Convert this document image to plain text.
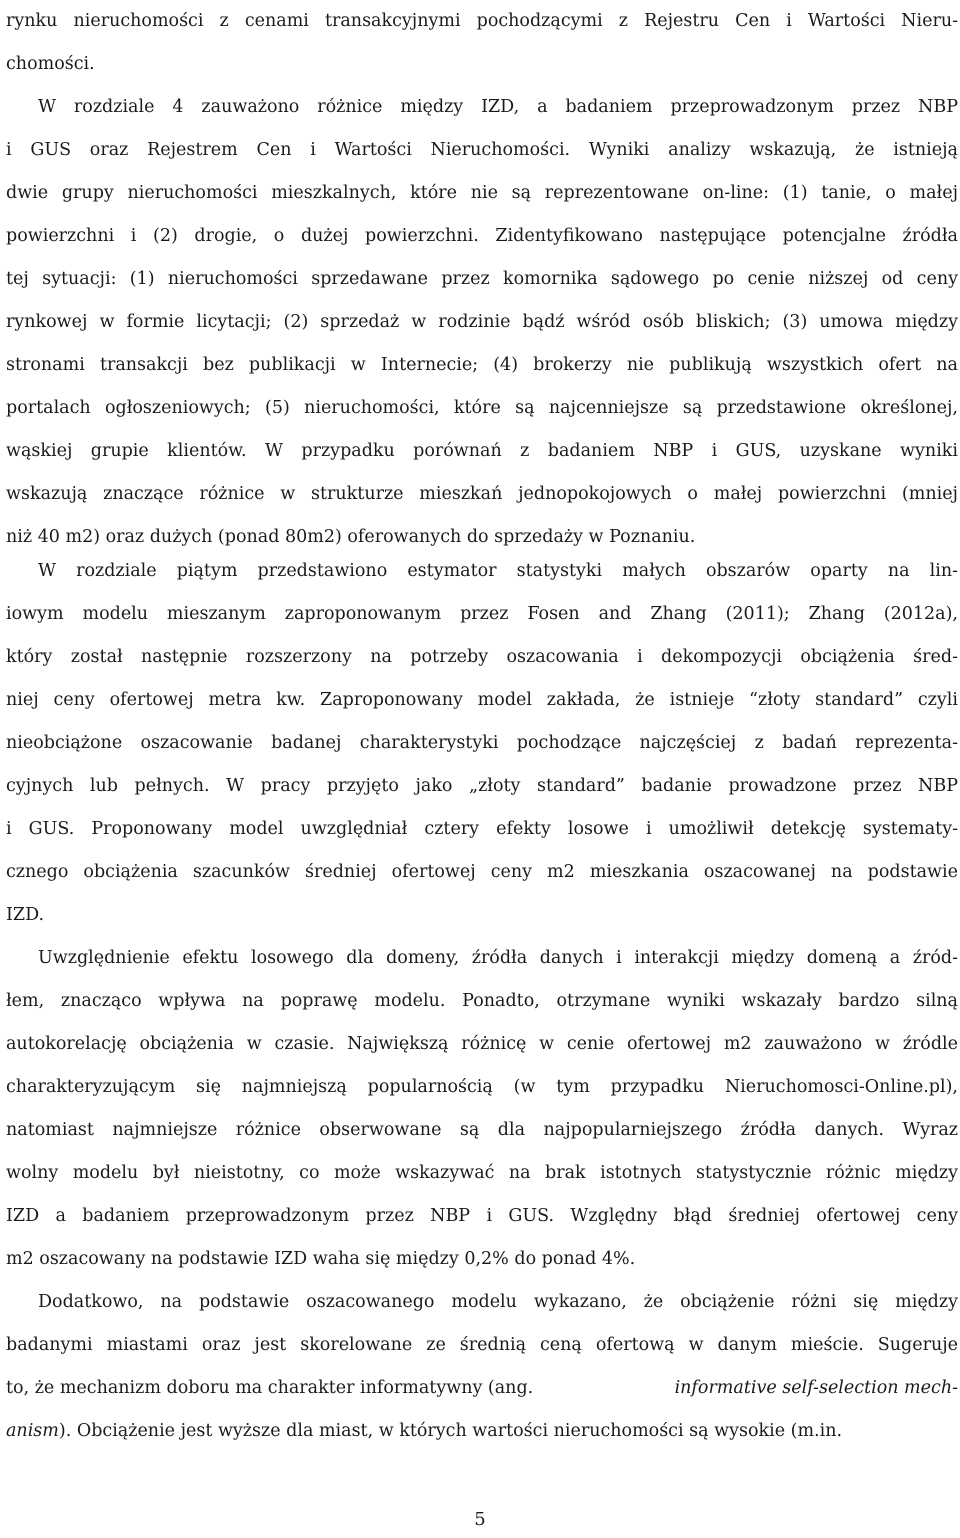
rynku nieruchomości z cenami transakcyjnymi pochodzącymi z Rejestru Cen i Wartości Nieru-
chomości.
W rozdziale 4 zauważono różnice między IZD, a badaniem przeprowadzonym przez NBP
i GUS oraz Rejestrem Cen i Wartości Nieruchomości. Wyniki analizy wskazują, że istnieją
dwie grupy nieruchomości mieszkalnych, które nie są reprezentowane on-line: (1) tanie, o małej
powierzchni i (2) drogie, o dużej powierzchni. Zidentyfikowano następujące potencjalne źródła
tej sytuacji: (1) nieruchomości sprzedawane przez komornika sądowego po cenie niższej od ceny
rynkowej w formie licytacji; (2) sprzedaż w rodzinie bądź wśród osób bliskich; (3) umowa między
stronami transakcji bez publikacji w Internecie; (4) brokerzy nie publikują wszystkich ofert na
portalach ogłoszeniowych; (5) nieruchomości, które są najcenniejsze są przedstawione określonej,
wąskiej grupie klientów. W przypadku porównań z badaniem NBP i GUS, uzyskane wyniki
wskazują znaczące różnice w strukturze mieszkań jednopokojowych o małej powierzchni (mniej
niż 40 m2) oraz dużych (ponad 80m2) oferowanych do sprzedaży w Poznaniu.
W rozdziale piątym przedstawiono estymator statystyki małych obszarów oparty na lin-
iowym modelu mieszanym zaproponowanym przez Fosen and Zhang (2011); Zhang (2012a),
który został następnie rozszerzony na potrzeby oszacowania i dekompozycji obciążenia śred-
niej ceny ofertowej metra kw. Zaproponowany model zakłada, że istnieje “złoty standard” czyli
nieobciążone oszacowanie badanej charakterystyki pochodzące najczęściej z badań reprezenta-
cyjnych lub pełnych. W pracy przyjęto jako „złoty standard” badanie prowadzone przez NBP
i GUS. Proponowany model uwzględniał cztery efekty losowe i umożliwił detekcję systematy-
cznego obciążenia szacunków średniej ofertowej ceny m2 mieszkania oszacowanej na podstawie
IZD.
Uwzględnienie efektu losowego dla domeny, źródła danych i interakcji między domeną a źród-
łem, znacząco wpływa na poprawę modelu. Ponadto, otrzymane wyniki wskazały bardzo silną
autokorelację obciążenia w czasie. Największą różnicę w cenie ofertowej m2 zauważono w źródle
charakteryzującym się najmniejszą popularnością (w tym przypadku Nieruchomosci-Online.pl),
natomiast najmniejsze różnice obserwowane są dla najpopularniejszego źródła danych. Wyraz
wolny modelu był nieistotny, co może wskazywać na brak istotnych statystycznie różnic między
IZD a badaniem przeprowadzonym przez NBP i GUS. Względny błąd średniej ofertowej ceny
m2 oszacowany na podstawie IZD waha się między 0,2% do ponad 4%.
Dodatkowo, na podstawie oszacowanego modelu wykazano, że obciążenie różni się między
badanymi miastami oraz jest skorelowane ze średnią ceną ofertową w danym mieście. Sugeruje
to, że mechanizm doboru ma charakter informatywny (ang.	informative self-selection mech-
anism). Obciążenie jest wyższe dla miast, w których wartości nieruchomości są wysokie (m.in.
5
